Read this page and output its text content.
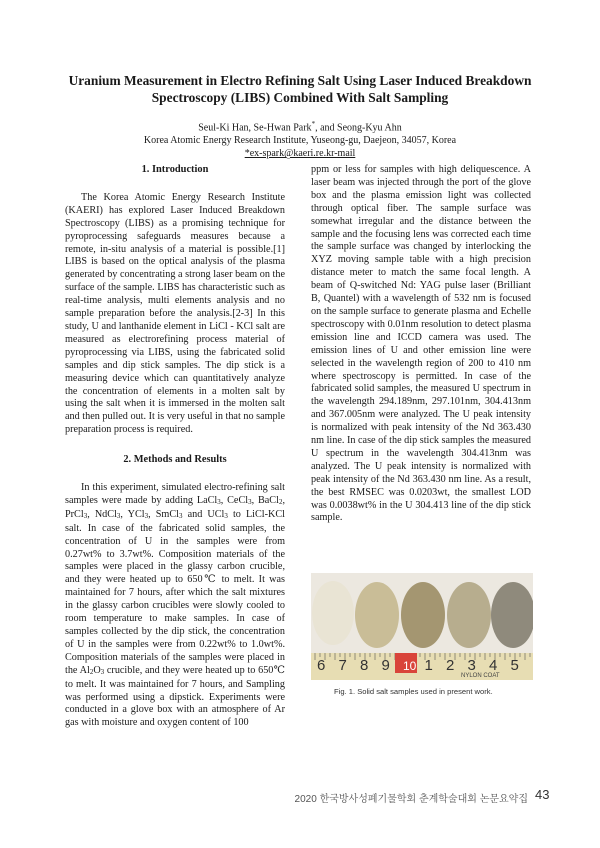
Uranium Measurement in Electro Refining Salt Using Laser Induced Breakdown Spectroscopy (LIBS) Combined With Salt Sampling
Seul-Ki Han, Se-Hwan Park*, and Seong-Kyu Ahn
Korea Atomic Energy Research Institute, Yuseong-gu, Daejeon, 34057, Korea
*ex-spark@kaeri.re.kr-mail
1. Introduction

The Korea Atomic Energy Research Institute (KAERI) has explored Laser Induced Breakdown Spectroscopy (LIBS) as a promising technique for pyroprocessing safeguards measures because a remote, in-situ analysis of a material is possible.[1] LIBS is based on the optical analysis of the plasma generated by concentrating a strong laser beam on the surface of the sample. LIBS has characteristic such as real-time analysis, multi elements analysis and no sample preparation before the analysis.[2-3] In this study, U and lanthanide element in LiCl - KCl salt are measured as electrorefining process material of pyroprocessing via LIBS, using the fabricated solid samples and dip stick samples. The dip stick is a measuring device which can quantitatively analyze the concentration of elements in a molten salt by using the salt when it is immersed in the molten salt and then pulled out. It is very useful in that no sample preparation process is required.

2. Methods and Results

In this experiment, simulated electro-refining salt samples were made by adding LaCl$_3$, CeCl$_3$, BaCl$_2$, PrCl$_3$, NdCl$_3$, YCl$_3$, SmCl$_3$ and UCl$_3$ to LiCl-KCl salt. In case of the fabricated solid samples, the concentration of U in the samples were from 0.27wt% to 3.7wt%. Composition materials of the samples were placed in the glassy carbon crucible, and they were heated up to 650℃ to melt. It was maintained for 7 hours, after which the salt mixtures in the glassy carbon crucibles were slowly cooled to room temperature to make samples. In case of samples collected by the dip stick, the concentration of U in the samples were from 0.22wt% to 1.0wt%. Composition materials of the samples were placed in the $Al_2O_3$ crucible, and they were heated up to 650℃ to melt. It was maintained for 7 hours, and Sampling was performed using a dipstick. Experiments were conducted in a glove box with an atmosphere of Ar gas with moisture and oxygen content of 100

ppm or less for samples with high deliquescence. A laser beam was injected through the port of the glove box and the plasma emission light was collected through optical fiber. The sample surface was somewhat irregular and the distance between the sample and the focusing lens was corrected each time the sample surface was changed by interlocking the XYZ moving sample table with a high precision distance meter to match the same focal length. A beam of Q-switched Nd: YAG pulse laser (Brilliant B, Quantel) with a wavelength of 532 nm is focused on the sample surface to generate plasma and Echelle spectroscopy with 0.01nm resolution to detect plasma emission line and ICCD camera was used. The emission lines of U and other emission line were selected in the wavelength region of 200 to 410 nm where spectroscopy is permitted. In case of the fabricated solid samples, the measured U spectrum in the wavelength 294.189nm, 297.101nm, 304.413nm and 367.005nm were analyzed. The U peak intensity is normalized with peak intensity of the Nd 363.430 nm line. In case of the dip stick samples the measured U spectrum in the wavelength 304.413nm was analyzed. The U peak intensity is normalized with peak intensity of the Nd 363.430 nm line. As a result, the best RMSEC was 0.0203wt, the smallest LOD was 0.0038wt% in the U 304.413 line of the dip stick sample.

6 7 8 9 10 1 2 3 4 5
NYLON COAT
Fig. 1. Solid salt samples used in present work.
2020 한국방사성폐기물학회 춘계학술대회 논문요약집 43
